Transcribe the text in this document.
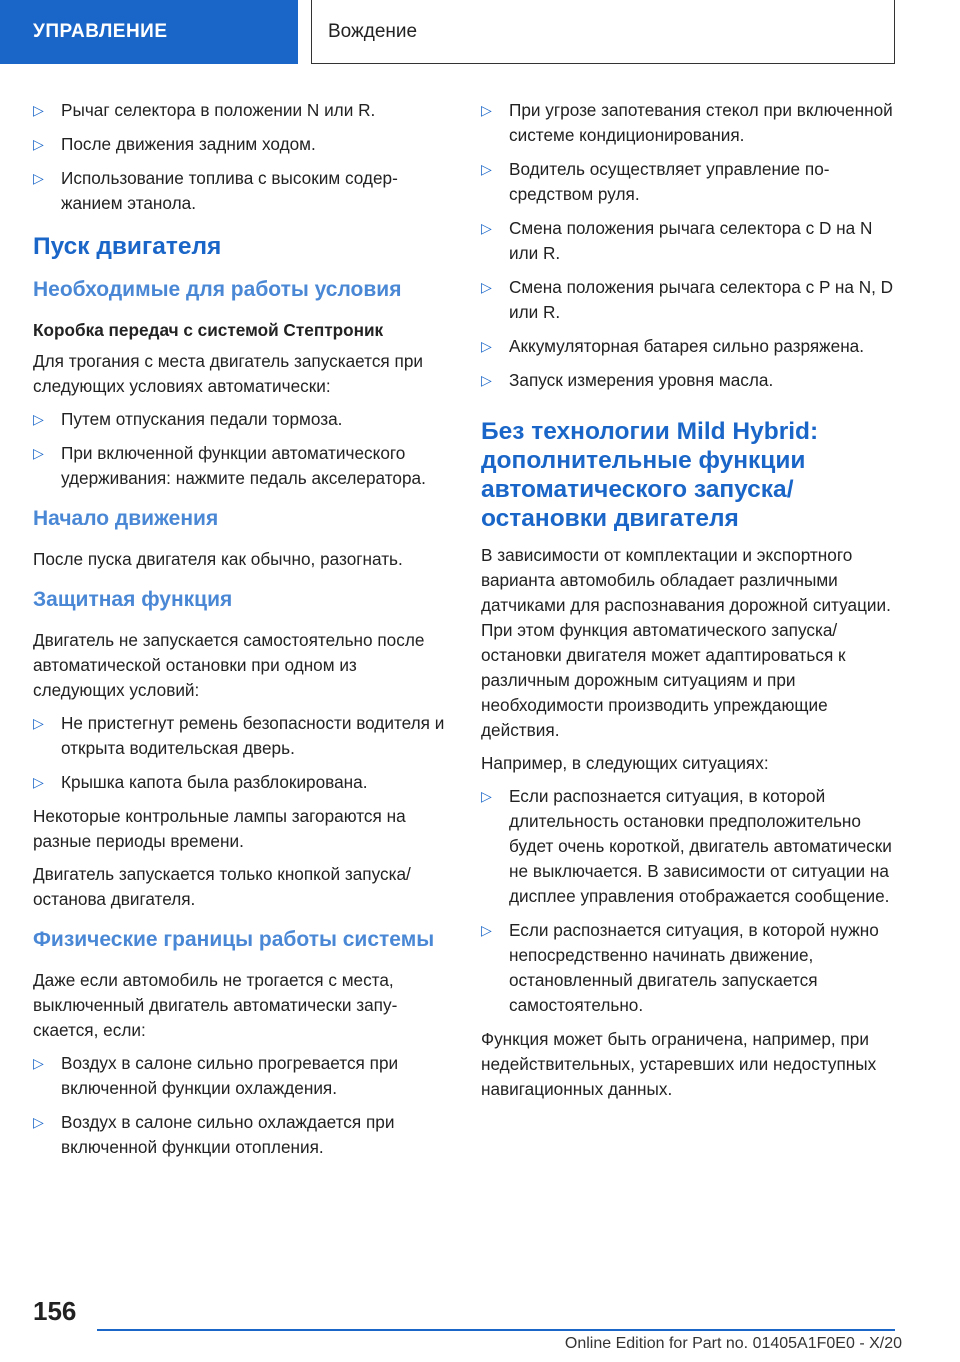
УПРАВЛЕНИЕ	Вождение
▷	Рычаг селектора в положении N или R.
▷	После движения задним ходом.
▷	Использование топлива с высоким содержанием этанола.
Пуск двигателя
Необходимые для работы условия
Коробка передач с системой Стептроник

Для трогания с места двигатель запускается при следующих условиях автоматически:

▷	Путем отпускания педали тормоза.
▷	При включенной функции автоматического удерживания: нажмите педаль акселератора.
Начало движения

После пуска двигателя как обычно, разогнать.

Защитная функция

Двигатель не запускается самостоятельно после автоматической остановки при одном из следующих условий:

▷	Не пристегнут ремень безопасности водителя и открыта водительская дверь.
▷	Крышка капота была разблокирована.

Некоторые контрольные лампы загораются на разные периоды времени.

Двигатель запускается только кнопкой запуска/останова двигателя.

Физические границы работы системы

Даже если автомобиль не трогается с места, выключенный двигатель автоматически запускается, если:

▷	Воздух в салоне сильно прогревается при включенной функции охлаждения.
▷	Воздух в салоне сильно охлаждается при включенной функции отопления.
▷	При угрозе запотевания стекол при включенной системе кондиционирования.
▷	Водитель осуществляет управление посредством руля.
▷	Смена положения рычага селектора с D на N или R.
▷	Смена положения рычага селектора с P на N, D или R.
▷	Аккумуляторная батарея сильно разряжена.
▷	Запуск измерения уровня масла.
Без технологии Mild Hybrid: дополнительные функции автоматического запуска/ остановки двигателя

В зависимости от комплектации и экспортного варианта автомобиль обладает различными датчиками для распознавания дорожной ситуации. При этом функция автоматического запуска/остановки двигателя может адаптироваться к различным дорожным ситуациям и при необходимости производить упреждающие действия.

Например, в следующих ситуациях:

▷	Если распознается ситуация, в которой длительность остановки предположительно будет очень короткой, двигатель автоматически не выключается. В зависимости от ситуации на дисплее управления отображается сообщение.
▷	Если распознается ситуация, в которой нужно непосредственно начинать движение, остановленный двигатель запускается самостоятельно.

Функция может быть ограничена, например, при недействительных, устаревших или недоступных навигационных данных.

156
Online Edition for Part no. 01405A1F0E0 - X/20
